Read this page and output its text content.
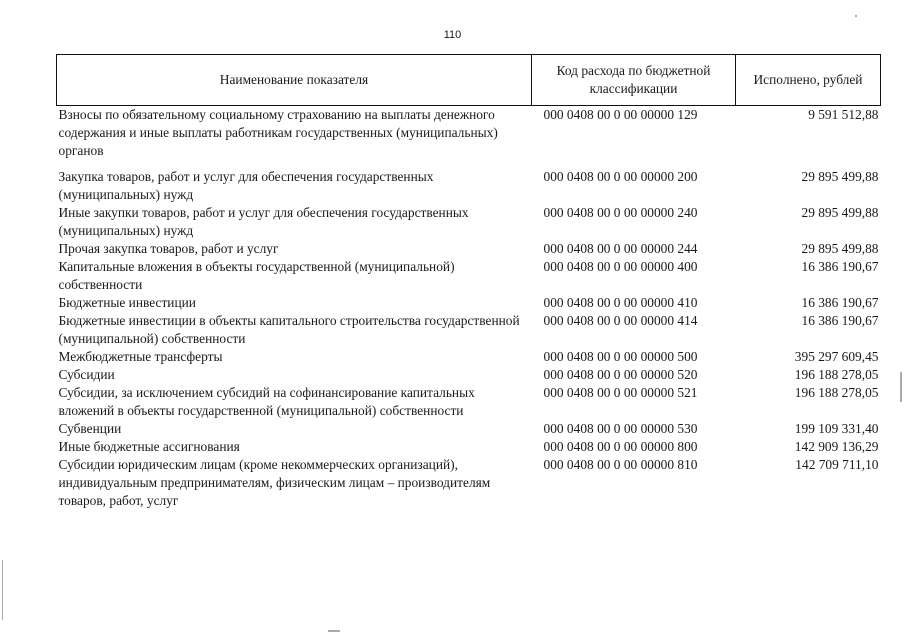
110
Наименование показателя	Код расхода по бюджетной классификации	Исполнено, рублей
Взносы по обязательному социальному страхованию на выплаты денежного содержания и иные выплаты работникам государственных (муниципальных) органов	000 0408 00 0 00 00000 129	9 591 512,88

Закупка товаров, работ и услуг для обеспечения государственных (муниципальных) нужд	000 0408 00 0 00 00000 200	29 895 499,88
Иные закупки товаров, работ и услуг для обеспечения государственных (муниципальных) нужд	000 0408 00 0 00 00000 240	29 895 499,88
Прочая закупка товаров, работ и услуг	000 0408 00 0 00 00000 244	29 895 499,88
Капитальные вложения в объекты государственной (муниципальной) собственности	000 0408 00 0 00 00000 400	16 386 190,67
Бюджетные инвестиции	000 0408 00 0 00 00000 410	16 386 190,67
Бюджетные инвестиции в объекты капитального строительства государственной (муниципальной) собственности	000 0408 00 0 00 00000 414	16 386 190,67
Межбюджетные трансферты	000 0408 00 0 00 00000 500	395 297 609,45
Субсидии	000 0408 00 0 00 00000 520	196 188 278,05
Субсидии, за исключением субсидий на софинансирование капитальных вложений в объекты государственной (муниципальной) собственности	000 0408 00 0 00 00000 521	196 188 278,05
Субвенции	000 0408 00 0 00 00000 530	199 109 331,40
Иные бюджетные ассигнования	000 0408 00 0 00 00000 800	142 909 136,29
Субсидии юридическим лицам (кроме некоммерческих организаций), индивидуальным предпринимателям, физическим лицам – производителям товаров, работ, услуг	000 0408 00 0 00 00000 810	142 709 711,10
